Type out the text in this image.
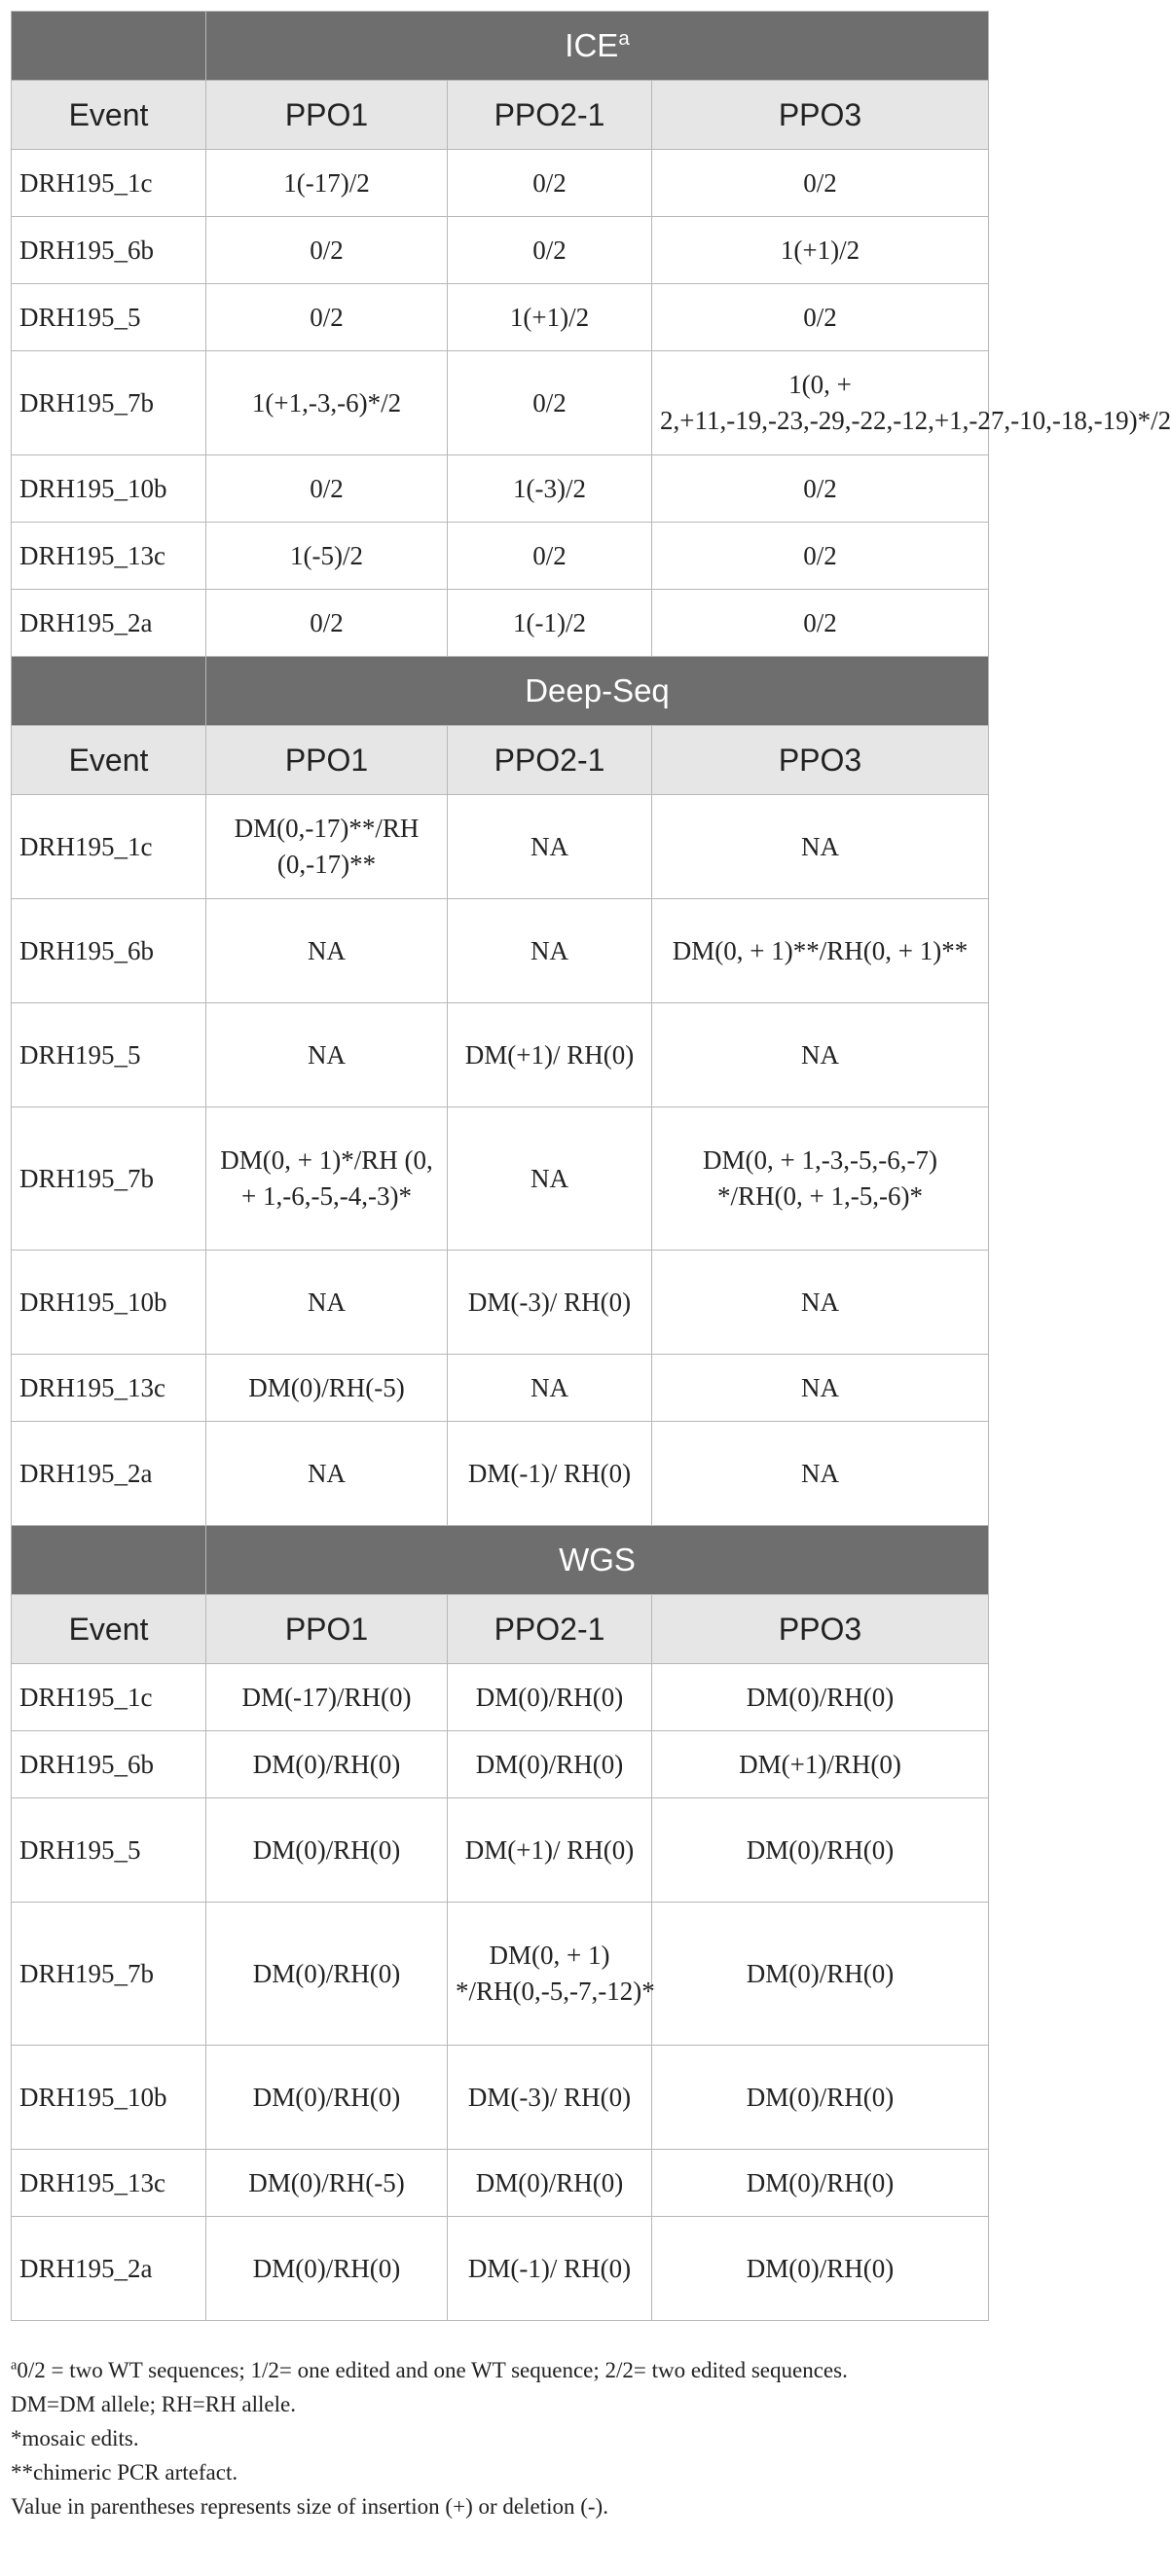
	ICE$^a$
Event	PPO1	PPO2-1	PPO3
DRH195_1c	1(-17)/2	0/2	0/2
DRH195_6b	0/2	0/2	1(+1)/2
DRH195_5	0/2	1(+1)/2	0/2
DRH195_7b	1(+1,-3,-6)*/2	0/2	1(0, + 2,+11,-19,-23,-29,-22,-12,+1,-27,-10,-18,-19)*/2
DRH195_10b	0/2	1(-3)/2	0/2
DRH195_13c	1(-5)/2	0/2	0/2
DRH195_2a	0/2	1(-1)/2	0/2
	Deep-Seq		
Event	PPO1	PPO2-1	PPO3
DRH195_1c	DM(0,-17)**/RH (0,-17)**	NA	NA
DRH195_6b	NA	NA	DM(0, + 1)**/RH(0, + 1)**
DRH195_5	NA	DM(+1)/ RH(0)	NA
DRH195_7b	DM(0, + 1)*/RH (0, + 1,-6,-5,-4,-3)*	NA	DM(0, + 1,-3,-5,-6,-7) */RH(0, + 1,-5,-6)*
DRH195_10b	NA	DM(-3)/ RH(0)	NA
DRH195_13c	DM(0)/RH(-5)	NA	NA
DRH195_2a	NA	DM(-1)/ RH(0)	NA
	WGS		
Event	PPO1	PPO2-1	PPO3
DRH195_1c	DM(-17)/RH(0)	DM(0)/RH(0)	DM(0)/RH(0)
DRH195_6b	DM(0)/RH(0)	DM(0)/RH(0)	DM(+1)/RH(0)
DRH195_5	DM(0)/RH(0)	DM(+1)/ RH(0)	DM(0)/RH(0)
DRH195_7b	DM(0)/RH(0)	DM(0, + 1) */RH(0,-5,-7,-12)*	DM(0)/RH(0)
DRH195_10b	DM(0)/RH(0)	DM(-3)/ RH(0)	DM(0)/RH(0)
DRH195_13c	DM(0)/RH(-5)	DM(0)/RH(0)	DM(0)/RH(0)
DRH195_2a	DM(0)/RH(0)	DM(-1)/ RH(0)	DM(0)/RH(0)
$^a$0/2 = two WT sequences; 1/2= one edited and one WT sequence; 2/2= two edited sequences.
DM=DM allele; RH=RH allele.
*mosaic edits.
**chimeric PCR artefact.
Value in parentheses represents size of insertion (+) or deletion (-).
